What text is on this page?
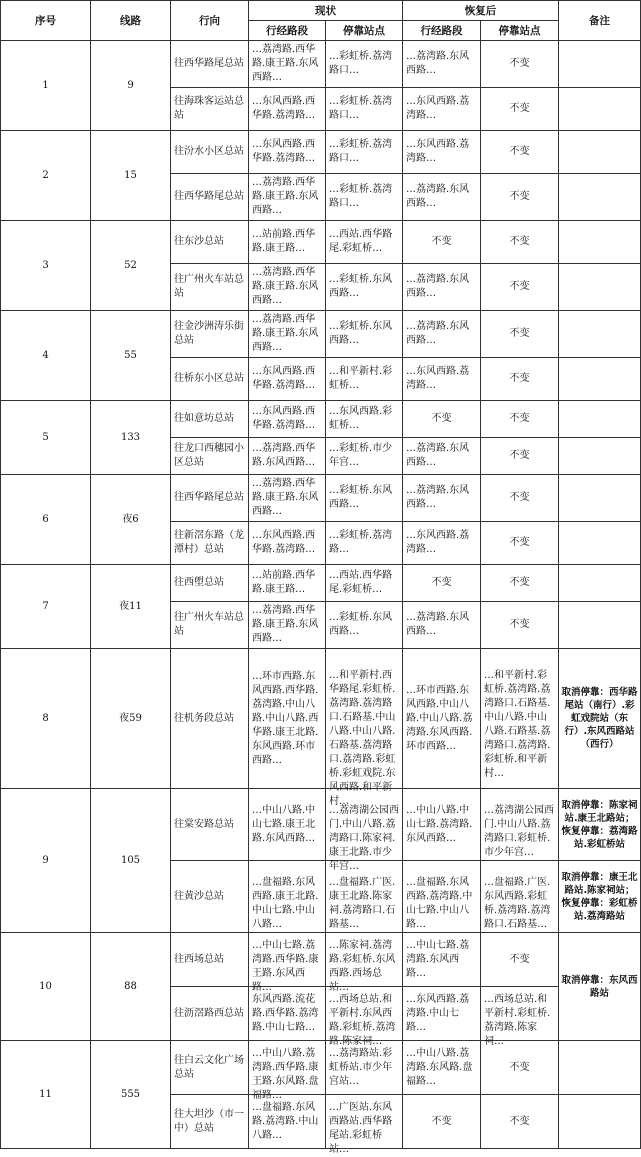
序号	线路	行向	现状		恢复后		备注
			行经路段	停靠站点	行经路段	停靠站点	
1	9	往西华路尾总站	…荔湾路.西华路.康王路.东风西路…	…彩虹桥.荔湾路口…	…荔湾路.东风西路…	不变	

		往海珠客运站总站	…东风西路.西华路.荔湾路…	…彩虹桥.荔湾路口…	…东风西路.荔湾路…	不变	

2	15	往汾水小区总站	…东风西路.西华路.荔湾路…	…彩虹桥.荔湾路口…	…东风西路.荔湾路…	不变	

		往西华路尾总站	…荔湾路.西华路.康王路.东风西路…	…彩虹桥.荔湾路口…	…荔湾路.东风西路…	不变	

3	52	往东沙总站	…站前路.西华路.康王路…	…西站.西华路尾.彩虹桥…	不变	不变	

		往广州火车站总站	…荔湾路.西华路.康王路.东风西路…	…彩虹桥.东风西路…	…荔湾路.东风西路…	不变	

4	55	往金沙洲涛乐街总站	…荔湾路.西华路.康王路.东风西路…	…彩虹桥.东风西路…	…荔湾路.东风西路…	不变	

		往桥东小区总站	…东风西路.西华路.荔湾路…	…和平新村.彩虹桥…	…东风西路.荔湾路…	不变	

5	133	往如意坊总站	…东风西路.西华路.荔湾路…	…东风西路.彩虹桥…	不变	不变	

		往龙口西穗园小区总站	…荔湾路.西华路.东风西路…	…彩虹桥.市少年宫…	…荔湾路.东风西路…	不变	

6	夜6	往西华路尾总站	…荔湾路.西华路.康王路.东风西路…	…彩虹桥.东风西路…	…荔湾路.东风西路…	不变	

		往新滘东路（龙潭村）总站	…东风西路.西华路.荔湾路…	…彩虹桥.荔湾路…	…东风西路.荔湾路…	不变	

7	夜11	往西塱总站	…站前路.西华路.康王路…	…西站.西华路尾.彩虹桥…	不变	不变	

		往广州火车站总站	…荔湾路.西华路.康王路.东风西路…	…彩虹桥.东风西路…	…荔湾路.东风西路…	不变	

8	夜59	往机务段总站	…环市西路.东风西路.西华路.荔湾路.中山八路.中山八路.西华路.康王北路.东风西路.环市西路…	…和平新村.西华路尾.彩虹桥.荔湾路.荔湾路口.石路基.中山八路.中山八路.石路基.荔湾路口.荔湾路.彩虹桥.彩虹戏院.东风西路.和平新村…	…环市西路.东风西路.中山八路.中山八路.荔湾路.东风西路.环市西路…	…和平新村.彩虹桥.荔湾路.荔湾路口.石路基.中山八路.中山八路.石路基.荔湾路口.荔湾路.彩虹桥.和平新村…	取消停靠：西华路尾站（南行）.彩虹戏院站（东行）.东风西路站（西行）
9	105	往棠安路总站	…中山八路.中山七路.康王北路.东风西路…	…荔湾湖公园西门.中山八路.荔湾路口.陈家祠.康王北路.市少年宫…	…中山八路.中山七路.荔湾路.东风西路…	…荔湾湖公园西门.中山八路.荔湾路口.彩虹桥.市少年宫…	取消停靠：陈家祠站.康王北路站；恢复停靠：荔湾路站.彩虹桥站
		往黄沙总站	…盘福路.东风西路.康王北路.中山七路.中山八路…	…盘福路.广医.康王北路.陈家祠.荔湾路口.石路基…	…盘福路.东风西路.荔湾路.中山七路.中山八路…	…盘福路.广医.东风西路.彩虹桥.荔湾路.荔湾路口.石路基…	取消停靠：康王北路站.陈家祠站；恢复停靠：彩虹桥站.荔湾路站
10	88	往西场总站	…中山七路.荔湾路.西华路.康王路.东风西路…	…陈家祠.荔湾路.彩虹桥.东风西路.西场总站…	…中山七路.荔湾路.东风西路…	不变	取消停靠：东风西路站
		往沥滘路西总站	东风西路.流花路.西华路.荔湾路.中山七路…	…西场总站.和平新村.东风西路.彩虹桥.荔湾路.陈家祠…	…东风西路.荔湾路.中山七路…	…西场总站.和平新村.彩虹桥.荔湾路.陈家祠…	

11	555	往白云文化广场总站	…中山八路.荔湾路.西华路.康王路.东风路.盘福路…	…荔湾路站.彩虹桥站.市少年宫站…	…中山八路.荔湾路.东风路.盘福路…	不变	

		往大坦沙（市一中）总站	…盘福路.东风路.荔湾路.中山八路…	…广医站.东风西路站.西华路尾站.彩虹桥站…	不变	不变	
